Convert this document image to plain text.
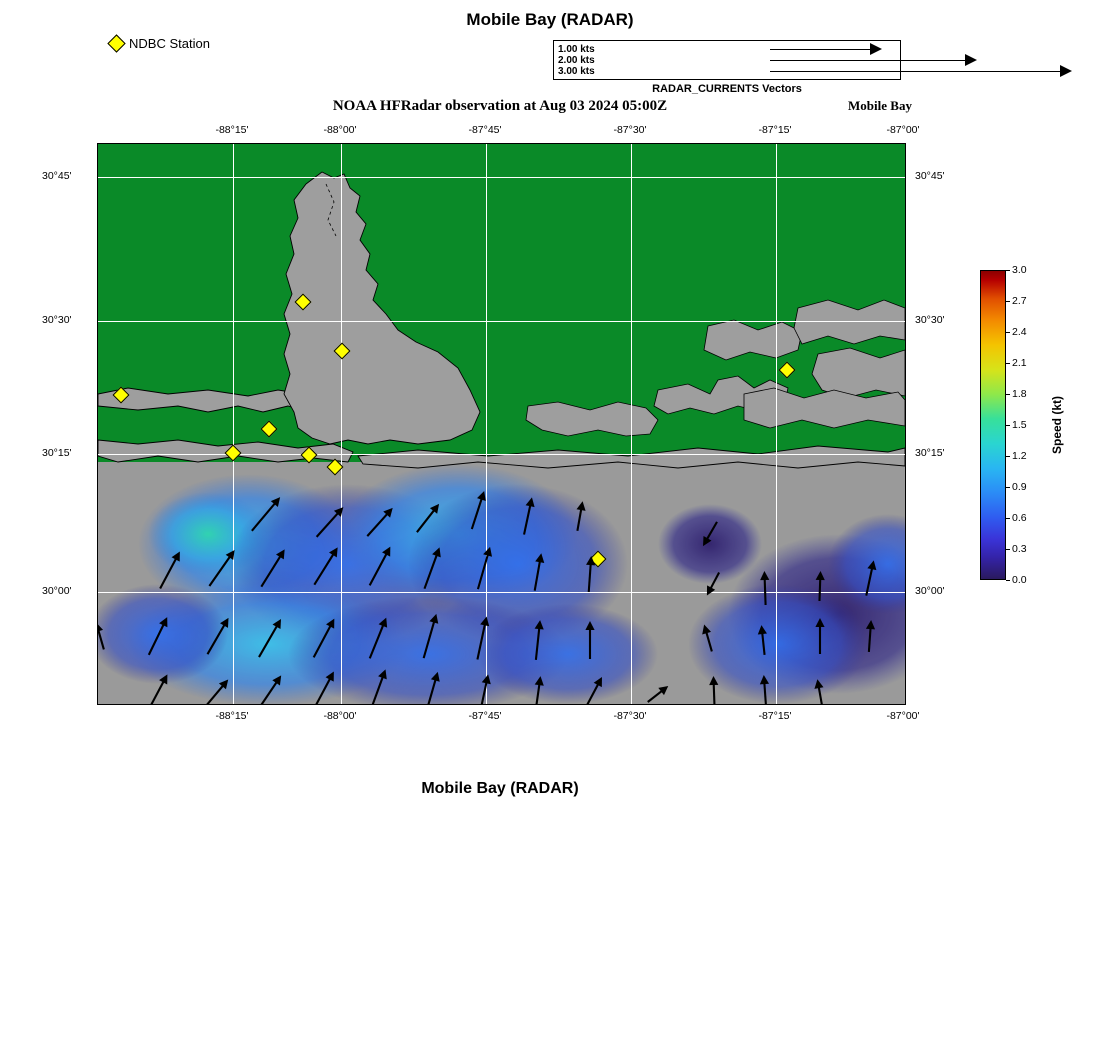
Mobile Bay (RADAR)
NOAA HFRadar observation at Aug 03 2024 05:00Z	Mobile Bay
Mobile Bay (RADAR)
NDBC Station	1.00 kts
2.00 kts
3.00 kts
RADAR_CURRENTS Vectors
Speed (kt)
3.0
2.7
2.4
2.1
1.8
1.5
1.2
0.9
0.6
0.3
0.0
-88°15'
-88°15'
-88°00'
-88°00'
-87°45'
-87°45'
-87°30'
-87°30'
-87°15'
-87°15'
-87°00'
-87°00'
30°45'	30°45'
30°30'	30°30'
30°15'	30°15'
30°00'	30°00'
